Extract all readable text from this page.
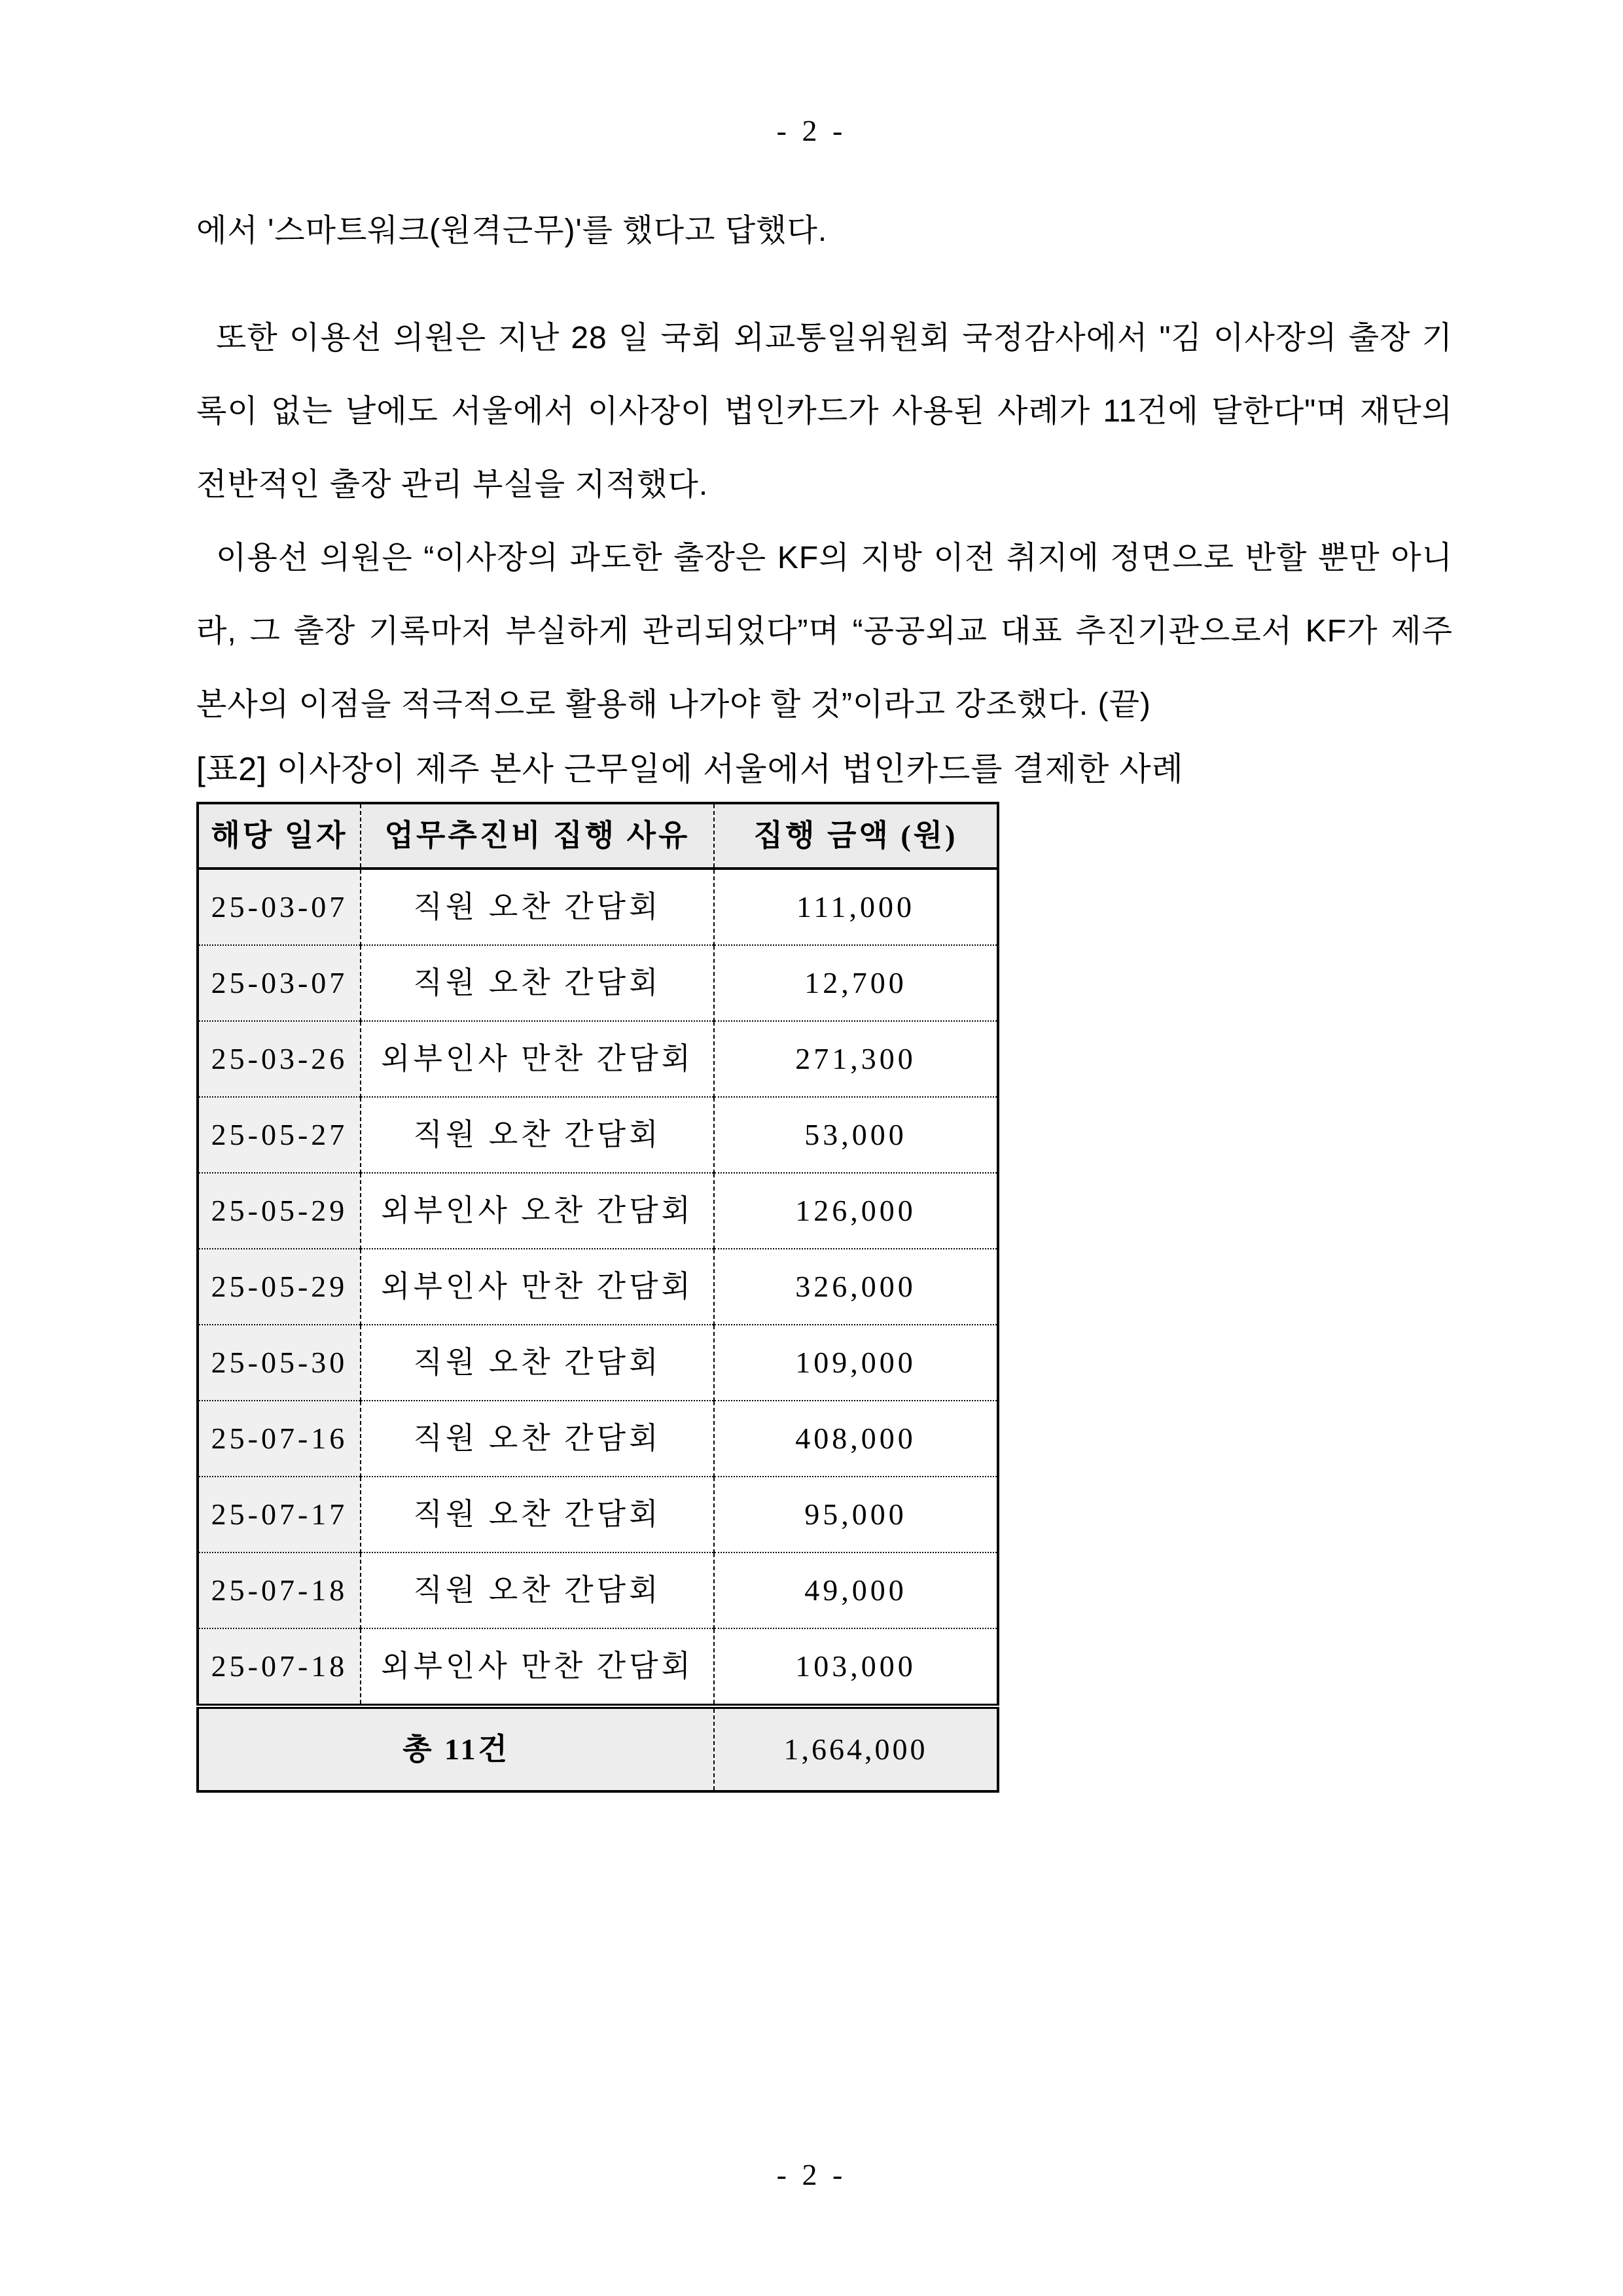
- 2 -

에서 '스마트워크(원격근무)'를 했다고 답했다.

또한 이용선 의원은 지난 28 일 국회 외교통일위원회 국정감사에서 "김 이사장의 출장 기록이 없는 날에도 서울에서 이사장이 법인카드가 사용된 사례가 11건에 달한다"며 재단의 전반적인 출장 관리 부실을 지적했다.

이용선 의원은 “이사장의 과도한 출장은 KF의 지방 이전 취지에 정면으로 반할 뿐만 아니라, 그 출장 기록마저 부실하게 관리되었다”며 “공공외교 대표 추진기관으로서 KF가 제주 본사의 이점을 적극적으로 활용해 나가야 할 것”이라고 강조했다. (끝)

[표2] 이사장이 제주 본사 근무일에 서울에서 법인카드를 결제한 사례
해당 일자	업무추진비 집행 사유	집행 금액 (원)
25-03-07	직원 오찬 간담회	111,000
25-03-07	직원 오찬 간담회	12,700
25-03-26	외부인사 만찬 간담회	271,300
25-05-27	직원 오찬 간담회	53,000
25-05-29	외부인사 오찬 간담회	126,000
25-05-29	외부인사 만찬 간담회	326,000
25-05-30	직원 오찬 간담회	109,000
25-07-16	직원 오찬 간담회	408,000
25-07-17	직원 오찬 간담회	95,000
25-07-18	직원 오찬 간담회	49,000
25-07-18	외부인사 만찬 간담회	103,000
총 11건		1,664,000
- 2 -
